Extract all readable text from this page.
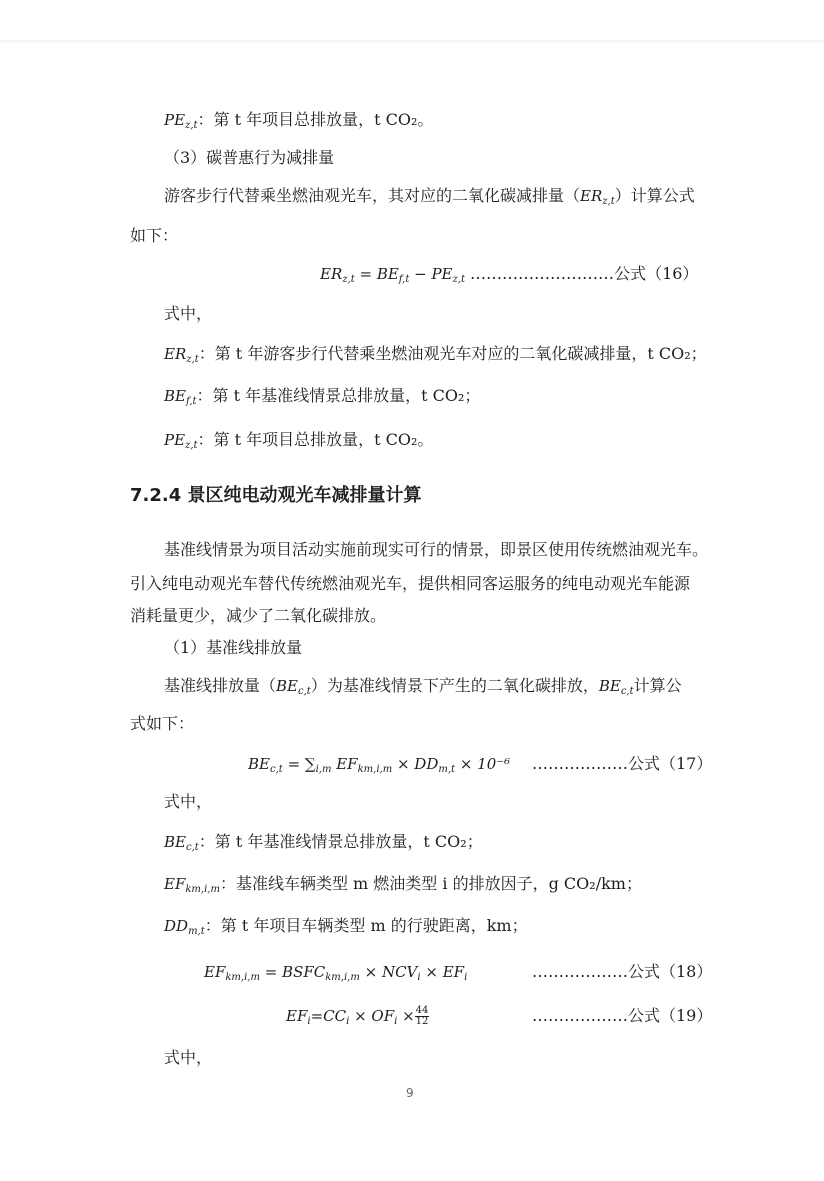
$PE_{z,t}$：第 t 年项目总排放量，t CO₂。
（3）碳普惠行为减排量
游客步行代替乘坐燃油观光车，其对应的二氧化碳减排量$(ER_{z,t})$计算公式
如下：
$ER_{z,t} = BE_{f,t} - PE_{z,t}$ ………………………公式（16）
式中，
$ER_{z,t}$：第 t 年游客步行代替乘坐燃油观光车对应的二氧化碳减排量，t CO₂；
$BE_{f,t}$：第 t 年基准线情景总排放量，t CO₂；
$PE_{z,t}$：第 t 年项目总排放量，t CO₂。
7.2.4 景区纯电动观光车减排量计算
基准线情景为项目活动实施前现实可行的情景，即景区使用传统燃油观光车。
引入纯电动观光车替代传统燃油观光车，提供相同客运服务的纯电动观光车能源
消耗量更少，减少了二氧化碳排放。
（1）基准线排放量
基准线排放量$(BE_{c,t})$为基准线情景下产生的二氧化碳排放，$BE_{c,t}$计算公
式如下：
$BE_{c,t} = \sum_{i,m}$ $EF_{km,i,m} \times DD_{m,t} \times 10^{-6}$ ………………公式（17）
式中，
$BE_{c,t}$：第 t 年基准线情景总排放量，t CO₂；
$EF_{km,i,m}$：基准线车辆类型 m 燃油类型 i 的排放因子，g CO₂/km；
$DD_{m,t}$：第 t 年项目车辆类型 m 的行驶距离，km；
$EF_{km,i,m}$ = $BSFC_{km,i,m} \times NCV_i \times EF_i$	………………公式（18）
$EF_i=CC_i \times OF_i \times \frac{44}{12}$	………………公式（19）
式中，
9
